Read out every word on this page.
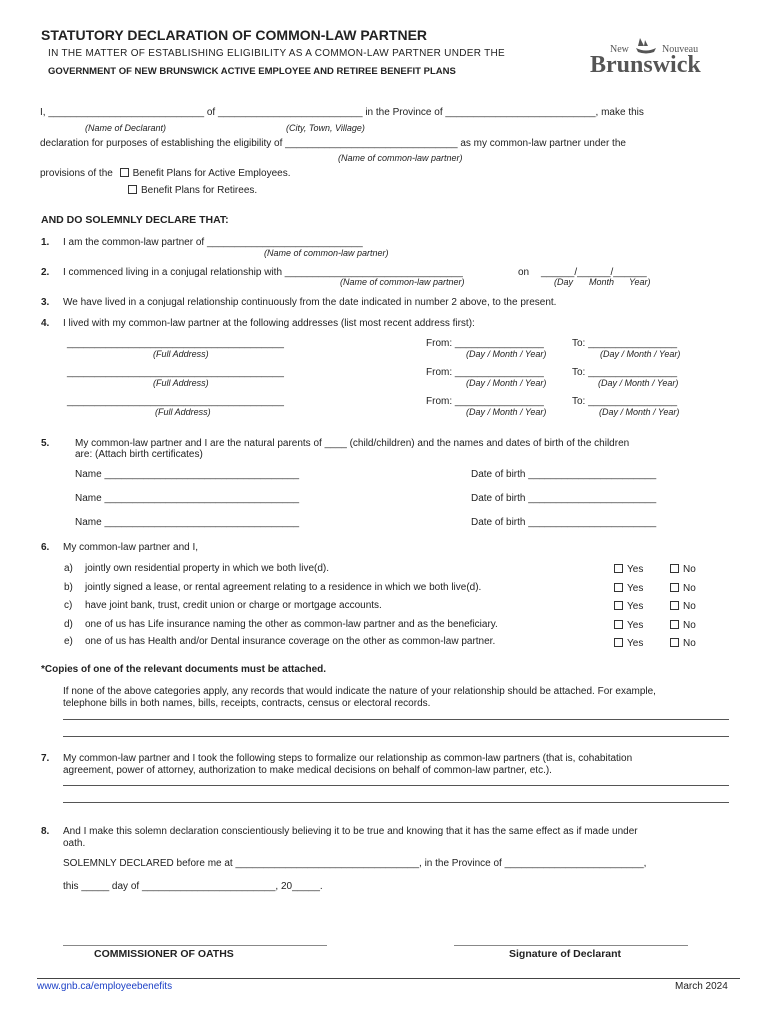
STATUTORY DECLARATION OF COMMON-LAW PARTNER
IN THE MATTER OF ESTABLISHING ELIGIBILITY AS A COMMON-LAW PARTNER UNDER THE
GOVERNMENT OF NEW BRUNSWICK ACTIVE EMPLOYEE AND RETIREE BENEFIT PLANS
New	Nouveau
Brunswick
I, ____________________________ of __________________________ in the Province of ___________________________, make this
(Name of Declarant)	(City, Town, Village)
declaration for purposes of establishing the eligibility of _______________________________ as my common-law partner under the
(Name of common-law partner)
provisions of the Benefit Plans for Active Employees.
Benefit Plans for Retirees.
AND DO SOLEMNLY DECLARE THAT:
1. I am the common-law partner of ____________________________
(Name of common-law partner)
2. I commenced living in a conjugal relationship with ________________________________	on ______/______/______
(Name of common-law partner)	(Day Month Year)
3. We have lived in a conjugal relationship continuously from the date indicated in number 2 above, to the present.
4. I lived with my common-law partner at the following addresses (list most recent address first):
_______________________________________
(Full Address)
From: ________________	To: ________________
(Day / Month / Year)	(Day / Month / Year)
_______________________________________
(Full Address)
From: ________________	To: ________________
(Day / Month / Year)	(Day / Month / Year)
_______________________________________
(Full Address)
From: ________________	To: ________________
(Day / Month / Year)	(Day / Month / Year)
5.	My common-law partner and I are the natural parents of ____ (child/children) and the names and dates of birth of the children
are: (Attach birth certificates)
Name ___________________________________	Date of birth _______________________
Name ___________________________________	Date of birth _______________________
Name ___________________________________	Date of birth _______________________
6. My common-law partner and I,
a) jointly own residential property in which we both live(d).	Yes	No
b) jointly signed a lease, or rental agreement relating to a residence in which we both live(d).	Yes	No
c) have joint bank, trust, credit union or charge or mortgage accounts.	Yes	No
d) one of us has Life insurance naming the other as common-law partner and as the beneficiary.	Yes	No
e) one of us has Health and/or Dental insurance coverage on the other as common-law partner.	Yes	No
*Copies of one of the relevant documents must be attached.
If none of the above categories apply, any records that would indicate the nature of your relationship should be attached. For example,
telephone bills in both names, bills, receipts, contracts, census or electoral records.
7. My common-law partner and I took the following steps to formalize our relationship as common-law partners (that is, cohabitation
agreement, power of attorney, authorization to make medical decisions on behalf of common-law partner, etc.).
8. And I make this solemn declaration conscientiously believing it to be true and knowing that it has the same effect as if made under
oath.
SOLEMNLY DECLARED before me at _________________________________, in the Province of _________________________,
this _____ day of ________________________, 20_____.
COMMISSIONER OF OATHS	Signature of Declarant
www.gnb.ca/employeebenefits	March 2024
